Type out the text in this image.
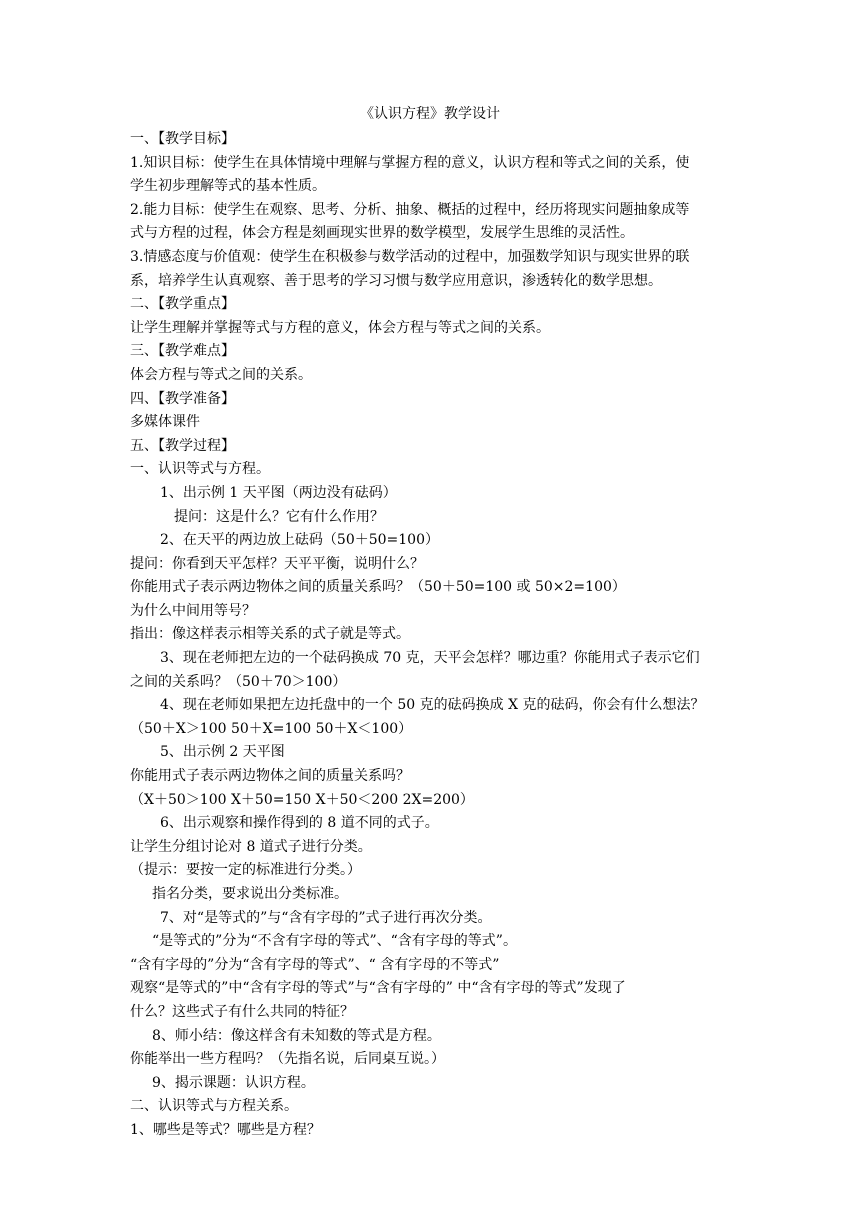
《认识方程》教学设计
一、【教学目标】
1.知识目标：使学生在具体情境中理解与掌握方程的意义，认识方程和等式之间的关系，使
学生初步理解等式的基本性质。
2.能力目标：使学生在观察、思考、分析、抽象、概括的过程中，经历将现实问题抽象成等
式与方程的过程，体会方程是刻画现实世界的数学模型，发展学生思维的灵活性。
3.情感态度与价值观：使学生在积极参与数学活动的过程中，加强数学知识与现实世界的联
系，培养学生认真观察、善于思考的学习习惯与数学应用意识，渗透转化的数学思想。
二、【教学重点】
让学生理解并掌握等式与方程的意义，体会方程与等式之间的关系。
三、【教学难点】
体会方程与等式之间的关系。
四、【教学准备】
多媒体课件
五、【教学过程】
一、认识等式与方程。
1、出示例 1 天平图（两边没有砝码）
提问：这是什么？它有什么作用？
2、在天平的两边放上砝码（50＋50=100）
提问：你看到天平怎样？天平平衡，说明什么？
你能用式子表示两边物体之间的质量关系吗？（50＋50=100 或 50×2=100）
为什么中间用等号？
指出：像这样表示相等关系的式子就是等式。
3、现在老师把左边的一个砝码换成 70 克，天平会怎样？哪边重？你能用式子表示它们
之间的关系吗？（50＋70＞100）
4、现在老师如果把左边托盘中的一个 50 克的砝码换成 X 克的砝码，你会有什么想法？
（50＋X＞100 50＋X=100 50＋X＜100）
5、出示例 2 天平图
你能用式子表示两边物体之间的质量关系吗？
（X＋50＞100 X＋50=150 X＋50＜200 2X=200）
6、出示观察和操作得到的 8 道不同的式子。
让学生分组讨论对 8 道式子进行分类。
（提示：要按一定的标准进行分类。）
指名分类，要求说出分类标准。
7、对“是等式的”与“含有字母的”式子进行再次分类。
“是等式的”分为“不含有字母的等式”、“含有字母的等式”。
“含有字母的”分为“含有字母的等式”、“ 含有字母的不等式”
观察“是等式的”中“含有字母的等式”与“含有字母的” 中“含有字母的等式”发现了
什么？这些式子有什么共同的特征？
8、师小结：像这样含有未知数的等式是方程。
你能举出一些方程吗？（先指名说，后同桌互说。）
9、揭示课题：认识方程。
二、认识等式与方程关系。
1、哪些是等式？哪些是方程？
